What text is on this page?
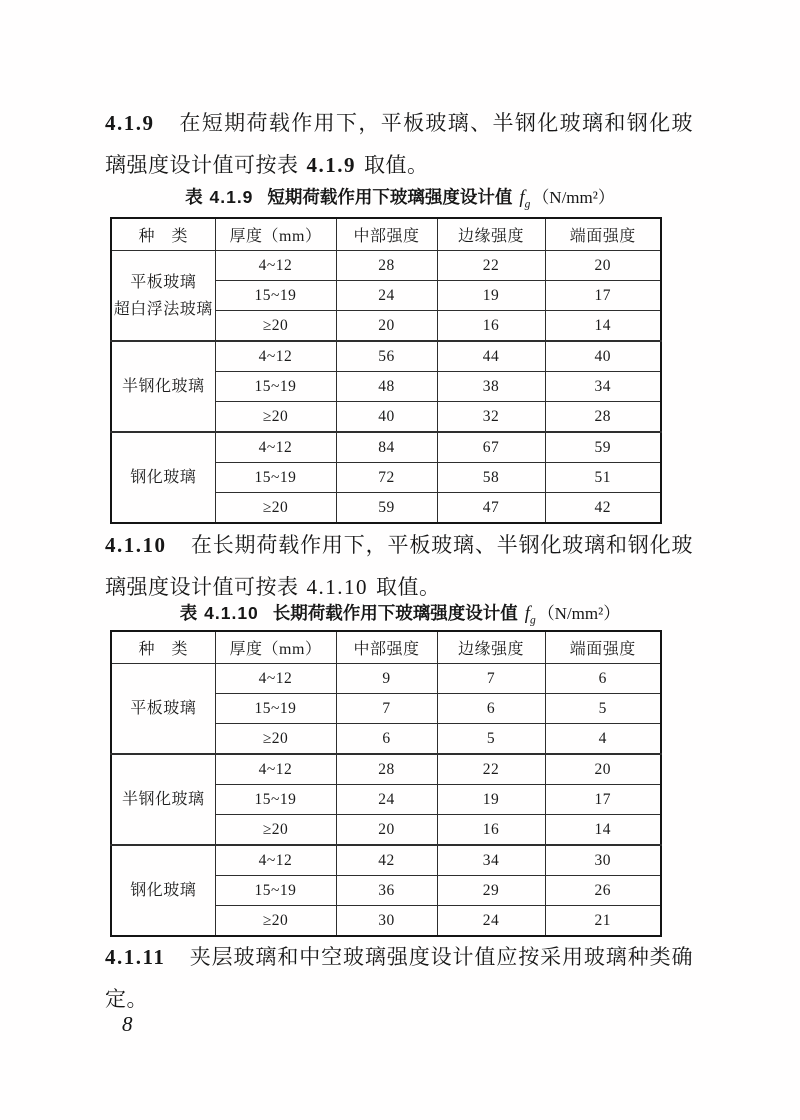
4.1.9 在短期荷载作用下，平板玻璃、半钢化玻璃和钢化玻璃强度设计值可按表 4.1.9 取值。
表 4.1.9 短期荷载作用下玻璃强度设计值 $f_g$ （N/mm²）
种　类	厚度（mm）	中部强度	边缘强度	端面强度

平板玻璃
超白浮法玻璃	4~12	28	22	20
	15~19	24	19	17
	≥20	20	16	14

半钢化玻璃	4~12	56	44	40
	15~19	48	38	34
	≥20	40	32	28

钢化玻璃	4~12	84	67	59
	15~19	72	58	51
	≥20	59	47	42
4.1.10 在长期荷载作用下，平板玻璃、半钢化玻璃和钢化玻璃强度设计值可按表 4.1.10 取值。
表 4.1.10 长期荷载作用下玻璃强度设计值 $f_g$ （N/mm²）
种　类	厚度（mm）	中部强度	边缘强度	端面强度

平板玻璃	4~12	9	7	6
	15~19	7	6	5
	≥20	6	5	4

半钢化玻璃	4~12	28	22	20
	15~19	24	19	17
	≥20	20	16	14

钢化玻璃	4~12	42	34	30
	15~19	36	29	26
	≥20	30	24	21
4.1.11 夹层玻璃和中空玻璃强度设计值应按采用玻璃种类确定。
8
